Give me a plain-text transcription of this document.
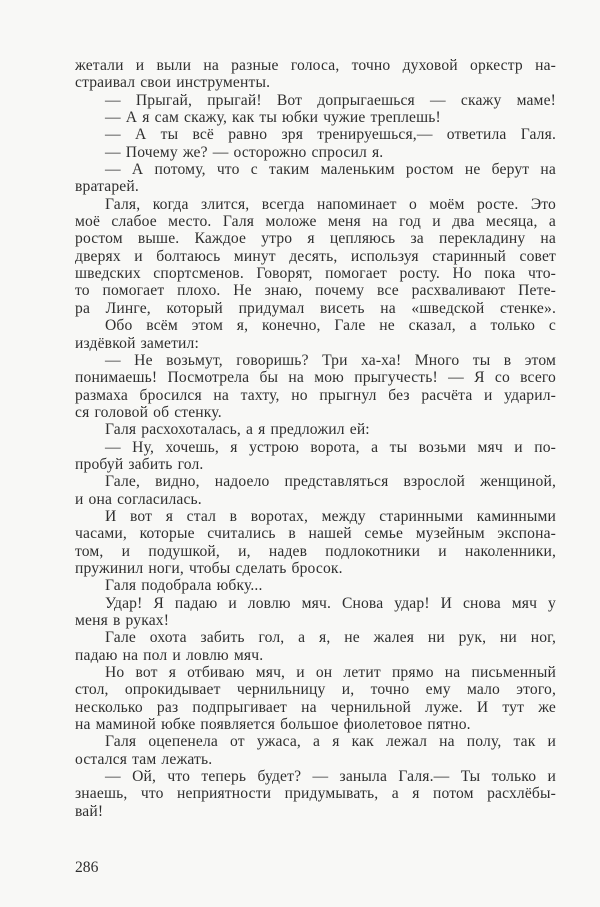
жетали и выли на разные голоса, точно духовой оркестр на-
страивал свои инструменты.
— Прыгай, прыгай! Вот допрыгаешься — скажу маме!
— А я сам скажу, как ты юбки чужие треплешь!
— А ты всё равно зря тренируешься,— ответила Галя.
— Почему же? — осторожно спросил я.
— А потому, что с таким маленьким ростом не берут на
вратарей.
Галя, когда злится, всегда напоминает о моём росте. Это
моё слабое место. Галя моложе меня на год и два месяца, а
ростом выше. Каждое утро я цепляюсь за перекладину на
дверях и болтаюсь минут десять, используя старинный совет
шведских спортсменов. Говорят, помогает росту. Но пока что-
то помогает плохо. Не знаю, почему все расхваливают Пете-
ра Линге, который придумал висеть на «шведской стенке».
Обо всём этом я, конечно, Гале не сказал, а только с
издёвкой заметил:
— Не возьмут, говоришь? Три ха-ха! Много ты в этом
понимаешь! Посмотрела бы на мою прыгучесть! — Я со всего
размаха бросился на тахту, но прыгнул без расчёта и ударил-
ся головой об стенку.
Галя расхохоталась, а я предложил ей:
— Ну, хочешь, я устрою ворота, а ты возьми мяч и по-
пробуй забить гол.
Гале, видно, надоело представляться взрослой женщиной,
и она согласилась.
И вот я стал в воротах, между старинными каминными
часами, которые считались в нашей семье музейным экспона-
том, и подушкой, и, надев подлокотники и наколенники,
пружинил ноги, чтобы сделать бросок.
Галя подобрала юбку...
Удар! Я падаю и ловлю мяч. Снова удар! И снова мяч у
меня в руках!
Гале охота забить гол, а я, не жалея ни рук, ни ног,
падаю на пол и ловлю мяч.
Но вот я отбиваю мяч, и он летит прямо на письменный
стол, опрокидывает чернильницу и, точно ему мало этого,
несколько раз подпрыгивает на чернильной луже. И тут же
на маминой юбке появляется большое фиолетовое пятно.
Галя оцепенела от ужаса, а я как лежал на полу, так и
остался там лежать.
— Ой, что теперь будет? — заныла Галя.— Ты только и
знаешь, что неприятности придумывать, а я потом расхлёбы-
вай!
286
